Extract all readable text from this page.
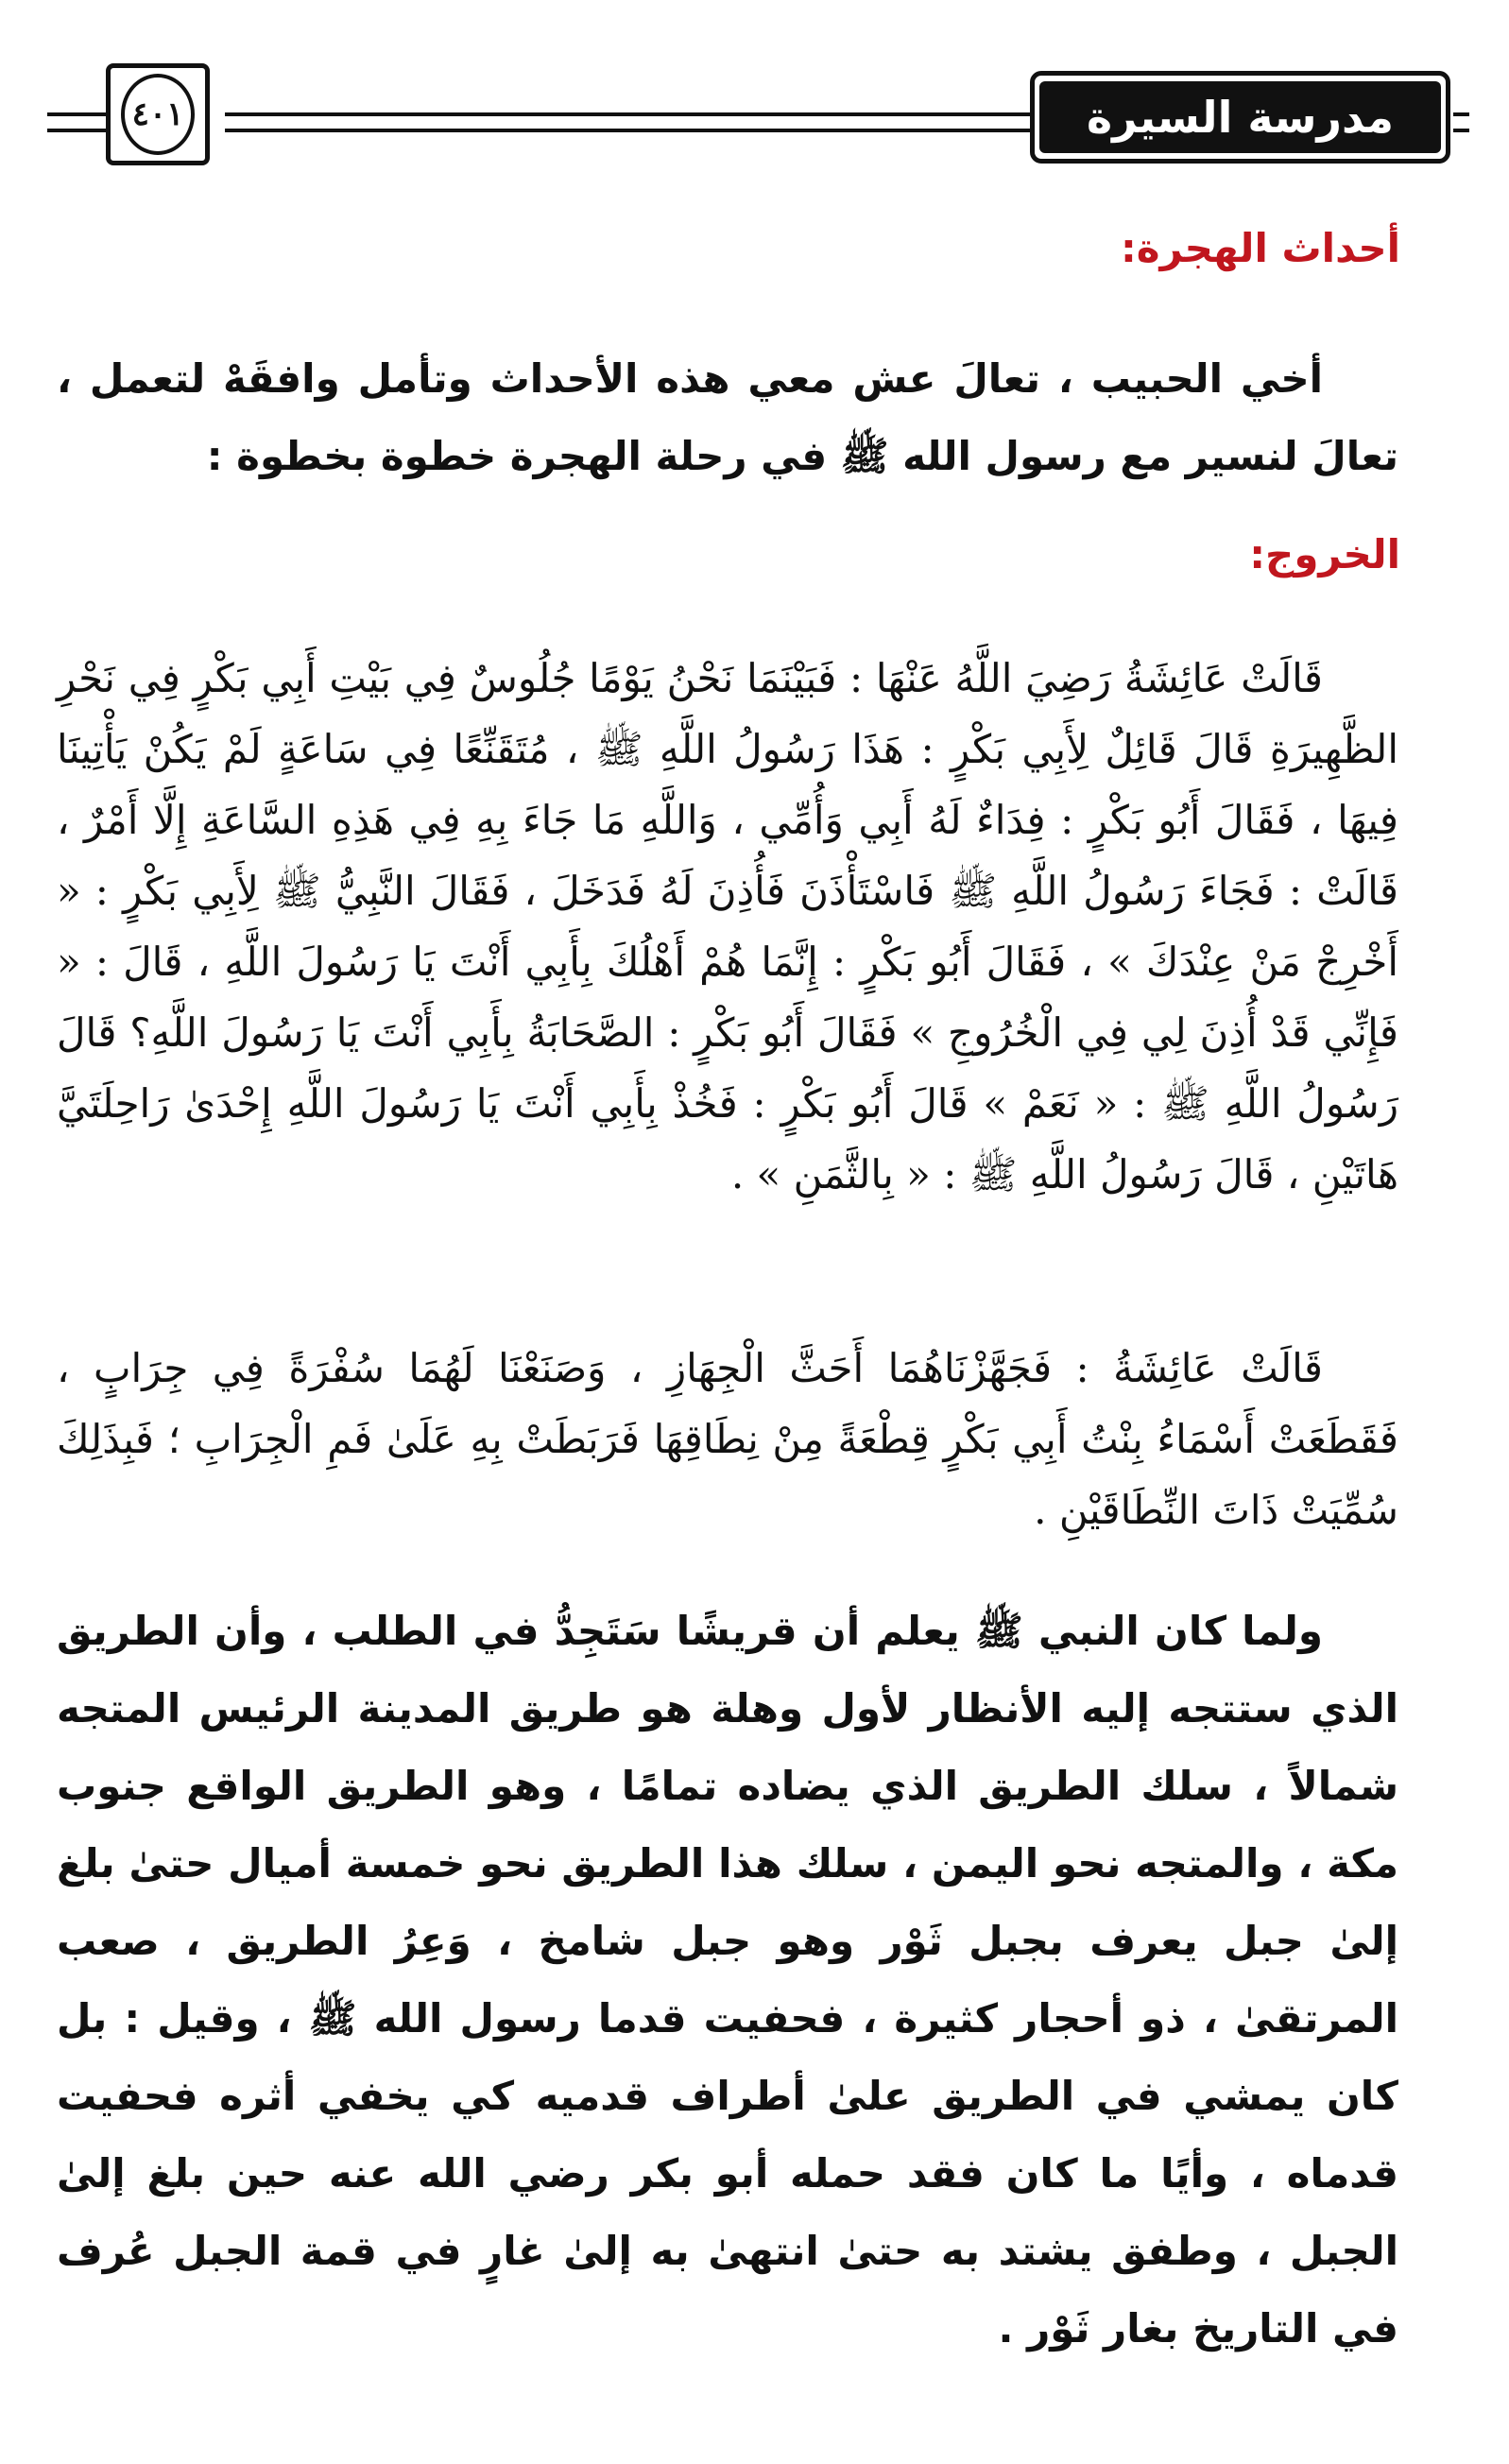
٤٠١	مدرسة السيرة
أحداث الهجرة:
أخي الحبيب ، تعالَ عش معي هذه الأحداث وتأمل وافقَهْ لتعمل ، تعالَ لنسير مع رسول الله ﷺ في رحلة الهجرة خطوة بخطوة :
الخروج:
قَالَتْ عَائِشَةُ رَضِيَ اللَّهُ عَنْهَا : فَبَيْنَمَا نَحْنُ يَوْمًا جُلُوسٌ فِي بَيْتِ أَبِي بَكْرٍ فِي نَحْرِ الظَّهِيرَةِ قَالَ قَائِلٌ لِأَبِي بَكْرٍ : هَذَا رَسُولُ اللَّهِ ﷺ ، مُتَقَنِّعًا فِي سَاعَةٍ لَمْ يَكُنْ يَأْتِينَا فِيهَا ، فَقَالَ أَبُو بَكْرٍ : فِدَاءٌ لَهُ أَبِي وَأُمِّي ، وَاللَّهِ مَا جَاءَ بِهِ فِي هَذِهِ السَّاعَةِ إِلَّا أَمْرٌ ، قَالَتْ : فَجَاءَ رَسُولُ اللَّهِ ﷺ فَاسْتَأْذَنَ فَأُذِنَ لَهُ فَدَخَلَ ، فَقَالَ النَّبِيُّ ﷺ لِأَبِي بَكْرٍ : « أَخْرِجْ مَنْ عِنْدَكَ » ، فَقَالَ أَبُو بَكْرٍ : إِنَّمَا هُمْ أَهْلُكَ بِأَبِي أَنْتَ يَا رَسُولَ اللَّهِ ، قَالَ : « فَإِنِّي قَدْ أُذِنَ لِي فِي الْخُرُوجِ » فَقَالَ أَبُو بَكْرٍ : الصَّحَابَةُ بِأَبِي أَنْتَ يَا رَسُولَ اللَّهِ؟ قَالَ رَسُولُ اللَّهِ ﷺ : « نَعَمْ » قَالَ أَبُو بَكْرٍ : فَخُذْ بِأَبِي أَنْتَ يَا رَسُولَ اللَّهِ إِحْدَىٰ رَاحِلَتَيَّ هَاتَيْنِ ، قَالَ رَسُولُ اللَّهِ ﷺ : « بِالثَّمَنِ » .
قَالَتْ عَائِشَةُ : فَجَهَّزْنَاهُمَا أَحَثَّ الْجِهَازِ ، وَصَنَعْنَا لَهُمَا سُفْرَةً فِي جِرَابٍ ، فَقَطَعَتْ أَسْمَاءُ بِنْتُ أَبِي بَكْرٍ قِطْعَةً مِنْ نِطَاقِهَا فَرَبَطَتْ بِهِ عَلَىٰ فَمِ الْجِرَابِ ؛ فَبِذَلِكَ سُمِّيَتْ ذَاتَ النِّطَاقَيْنِ .
ولما كان النبي ﷺ يعلم أن قريشًا سَتَجِدُّ في الطلب ، وأن الطريق الذي ستتجه إليه الأنظار لأول وهلة هو طريق المدينة الرئيس المتجه شمالاً ، سلك الطريق الذي يضاده تمامًا ، وهو الطريق الواقع جنوب مكة ، والمتجه نحو اليمن ، سلك هذا الطريق نحو خمسة أميال حتىٰ بلغ إلىٰ جبل يعرف بجبل ثَوْر وهو جبل شامخ ، وَعِرُ الطريق ، صعب المرتقىٰ ، ذو أحجار كثيرة ، فحفيت قدما رسول الله ﷺ ، وقيل : بل كان يمشي في الطريق علىٰ أطراف قدميه كي يخفي أثره فحفيت قدماه ، وأيًا ما كان فقد حمله أبو بكر رضي الله عنه حين بلغ إلىٰ الجبل ، وطفق يشتد به حتىٰ انتهىٰ به إلىٰ غارٍ في قمة الجبل عُرف في التاريخ بغار ثَوْر .
